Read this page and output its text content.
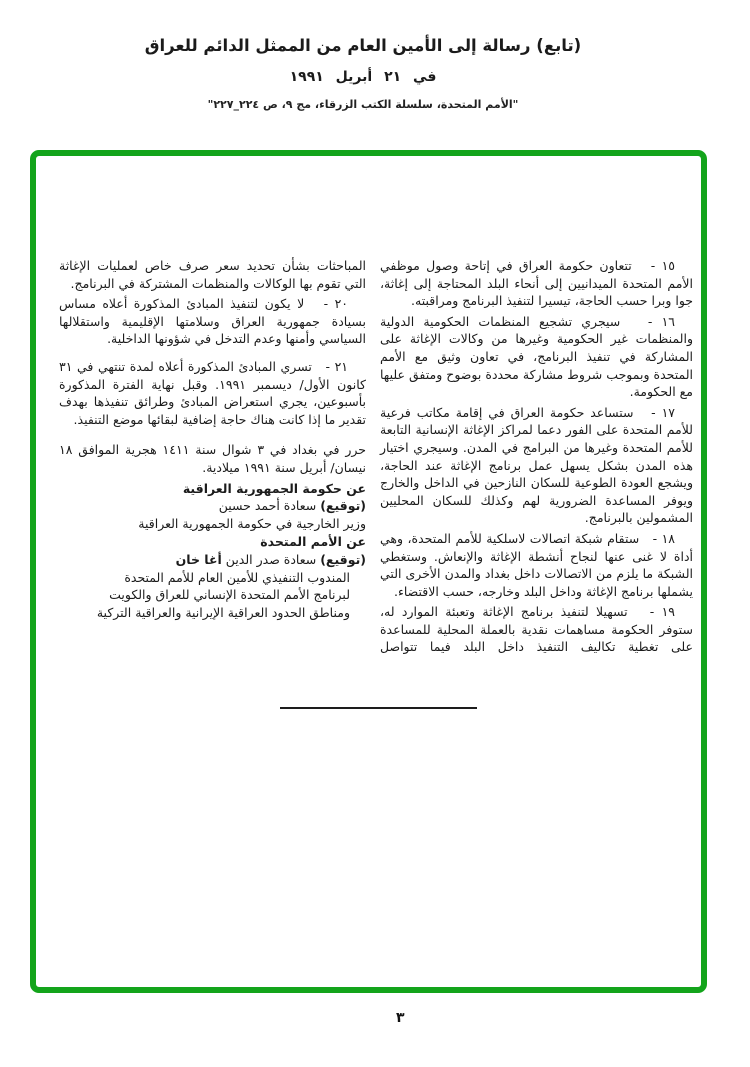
(تابع) رسالة إلى الأمين العام من الممثل الدائم للعراق
في ٢١ أبريل ١٩٩١
"الأمم المتحدة، سلسلة الكتب الزرقاء، مج ٩، ص ٢٢٤_٢٢٧"

١٥ -   تتعاون حكومة العراق في إتاحة وصول موظفي الأمم المتحدة الميدانيين إلى أنحاء البلد المحتاجة إلى إغاثة، جوا وبرا حسب الحاجة، تيسيرا لتنفيذ البرنامج ومراقبته.

١٦ -   سيجري تشجيع المنظمات الحكومية الدولية والمنظمات غير الحكومية وغيرها من وكالات الإغاثة على المشاركة في تنفيذ البرنامج، في تعاون وثيق مع الأمم المتحدة وبموجب شروط مشاركة محددة بوضوح ومتفق عليها مع الحكومة.

١٧ -   ستساعد حكومة العراق في إقامة مكاتب فرعية للأمم المتحدة على الفور دعما لمراكز الإغاثة الإنسانية التابعة للأمم المتحدة وغيرها من البرامج في المدن. وسيجري اختيار هذه المدن بشكل يسهل عمل برنامج الإغاثة عند الحاجة، ويشجع العودة الطوعية للسكان النازحين في الداخل والخارج ويوفر المساعدة الضرورية لهم وكذلك للسكان المحليين المشمولين بالبرنامج.

١٨ -   ستقام شبكة اتصالات لاسلكية للأمم المتحدة، وهي أداة لا غنى عنها لنجاح أنشطة الإغاثة والإنعاش. وستغطي الشبكة ما يلزم من الاتصالات داخل بغداد والمدن الأخرى التي يشملها برنامج الإغاثة وداخل البلد وخارجه، حسب الاقتضاء.

١٩ -   تسهيلا لتنفيذ برنامج الإغاثة وتعبئة الموارد له، ستوفر الحكومة مساهمات نقدية بالعملة المحلية للمساعدة على تغطية تكاليف التنفيذ داخل البلد فيما تتواصل

المباحثات بشأن تحديد سعر صرف خاص لعمليات الإغاثة التي تقوم بها الوكالات والمنظمات المشتركة في البرنامج.

٢٠ -   لا يكون لتنفيذ المبادئ المذكورة أعلاه مساس بسيادة جمهورية العراق وسلامتها الإقليمية واستقلالها السياسي وأمنها وعدم التدخل في شؤونها الداخلية.

٢١ -   تسري المبادئ المذكورة أعلاه لمدة تنتهي في ٣١ كانون الأول/ ديسمبر ١٩٩١. وقبل نهاية الفترة المذكورة بأسبوعين، يجري استعراض المبادئ وطرائق تنفيذها بهدف تقدير ما إذا كانت هناك حاجة إضافية لبقائها موضع التنفيذ.

حرر في بغداد في ٣ شوال سنة ١٤١١ هجرية الموافق ١٨ نيسان/ أبريل سنة ١٩٩١ ميلادية.

عن حكومة الجمهورية العراقية
(توقيع) سعادة أحمد حسين
وزير الخارجية في حكومة الجمهورية العراقية
عن الأمم المتحدة
(توقيع) سعادة صدر الدين أغا خان
المندوب التنفيذي للأمين العام للأمم المتحدة
لبرنامج الأمم المتحدة الإنساني للعراق والكويت
ومناطق الحدود العراقية الإيرانية والعراقية التركية
٣
